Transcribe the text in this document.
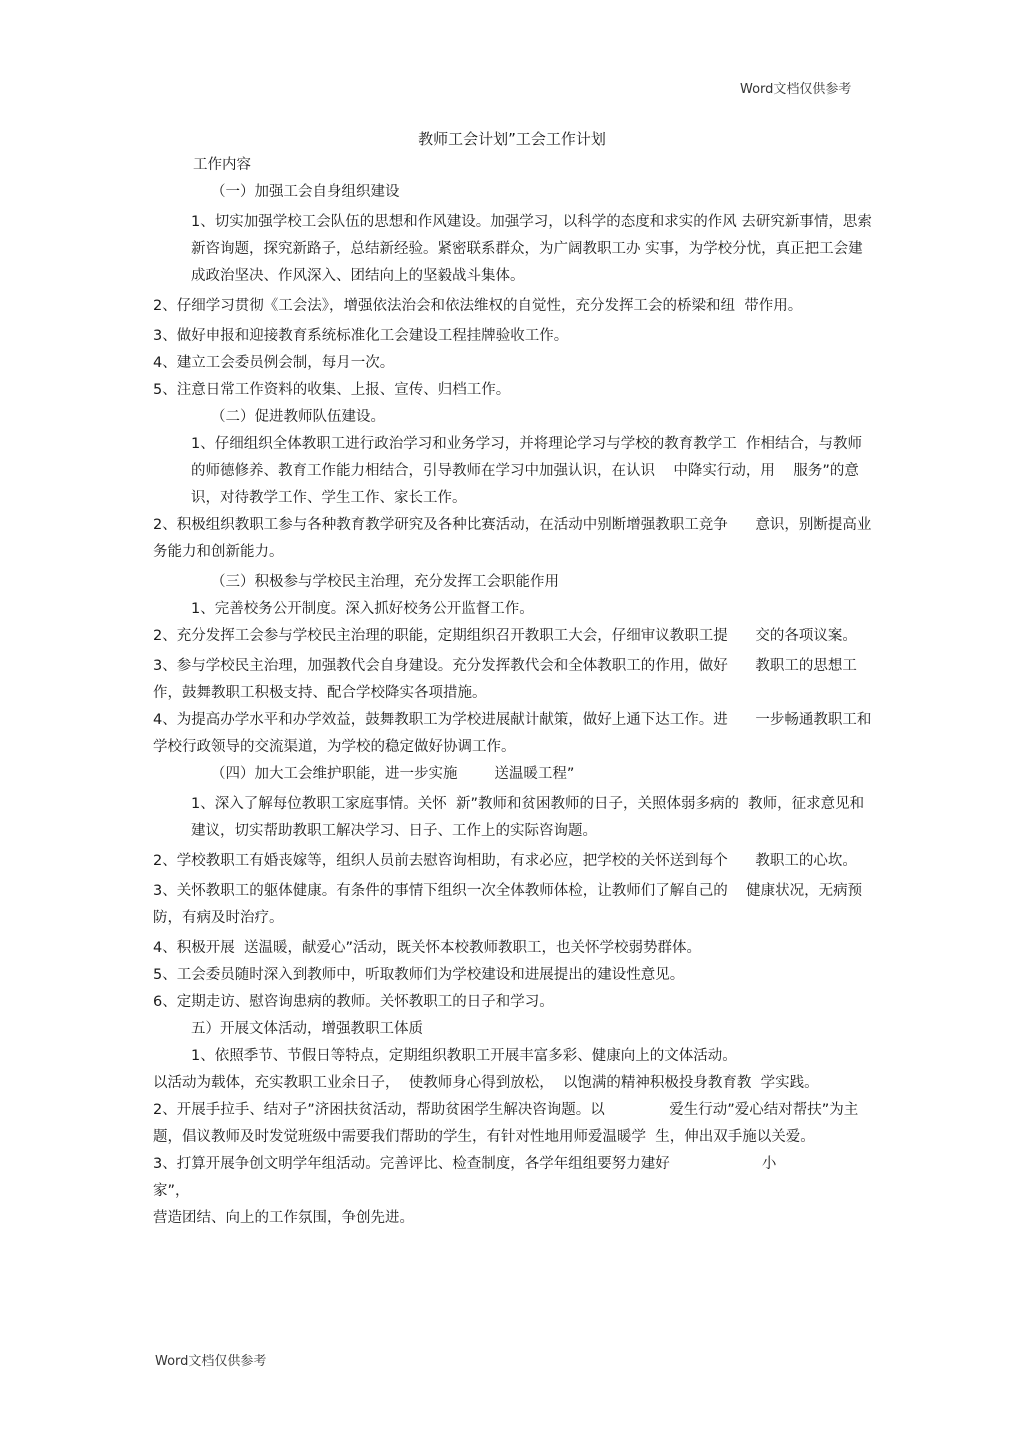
Word文档仅供参考
教师工会计划”工会工作计划

工作内容

（一）加强工会自身组织建设

1、切实加强学校工会队伍的思想和作风建设。加强学习，以科学的态度和求实的作风 去研究新事情，思索新咨询题，探究新路子，总结新经验。紧密联系群众，为广阔教职工办 实事，为学校分忧，真正把工会建成政治坚决、作风深入、团结向上的坚毅战斗集体。

2、仔细学习贯彻《工会法》，增强依法治会和依法维权的自觉性，充分发挥工会的桥梁和纽  带作用。

3、做好申报和迎接教育系统标准化工会建设工程挂牌验收工作。

4、建立工会委员例会制，每月一次。

5、注意日常工作资料的收集、上报、宣传、归档工作。

（二）促进教师队伍建设。

1、仔细组织全体教职工进行政治学习和业务学习，并将理论学习与学校的教育教学工  作相结合，与教师的师德修养、教育工作能力相结合，引导教师在学习中加强认识，在认识    中降实行动，用    服务”的意识，对待教学工作、学生工作、家长工作。

2、积极组织教职工参与各种教育教学研究及各种比赛活动，在活动中别断增强教职工竞争      意识，别断提高业务能力和创新能力。

（三）积极参与学校民主治理，充分发挥工会职能作用

1、完善校务公开制度。深入抓好校务公开监督工作。

2、充分发挥工会参与学校民主治理的职能，定期组织召开教职工大会，仔细审议教职工提      交的各项议案。

3、参与学校民主治理，加强教代会自身建设。充分发挥教代会和全体教职工的作用，做好      教职工的思想工作，鼓舞教职工积极支持、配合学校降实各项措施。

4、为提高办学水平和办学效益，鼓舞教职工为学校进展献计献策，做好上通下达工作。进      一步畅通教职工和学校行政领导的交流渠道，为学校的稳定做好协调工作。

（四）加大工会维护职能，进一步实施        送温暖工程”

1、深入了解每位教职工家庭事情。关怀  新”教师和贫困教师的日子，关照体弱多病的  教师，征求意见和建议，切实帮助教职工解决学习、日子、工作上的实际咨询题。

2、学校教职工有婚丧嫁等，组织人员前去慰咨询相助，有求必应，把学校的关怀送到每个      教职工的心坎。

3、关怀教职工的躯体健康。有条件的事情下组织一次全体教师体检，让教师们了解自己的    健康状况，无病预防，有病及时治疗。

4、积极开展  送温暖，献爱心”活动，既关怀本校教师教职工，也关怀学校弱势群体。

5、工会委员随时深入到教师中，听取教师们为学校建设和进展提出的建设性意见。

6、定期走访、慰咨询患病的教师。关怀教职工的日子和学习。

五）开展文体活动，增强教职工体质

1、依照季节、节假日等特点，定期组织教职工开展丰富多彩、健康向上的文体活动。

以活动为载体，充实教职工业余日子，  使教师身心得到放松，  以饱满的精神积极投身教育教  学实践。

2、开展手拉手、结对子”济困扶贫活动，帮助贫困学生解决咨询题。以              爱生行动”爱心结对帮扶”为主题，倡议教师及时发觉班级中需要我们帮助的学生，有针对性地用师爱温暖学  生，伸出双手施以关爱。

3、打算开展争创文明学年组活动。完善评比、检查制度，各学年组组要努力建好                    小

家”，

营造团结、向上的工作氛围，争创先进。

Word文档仅供参考
